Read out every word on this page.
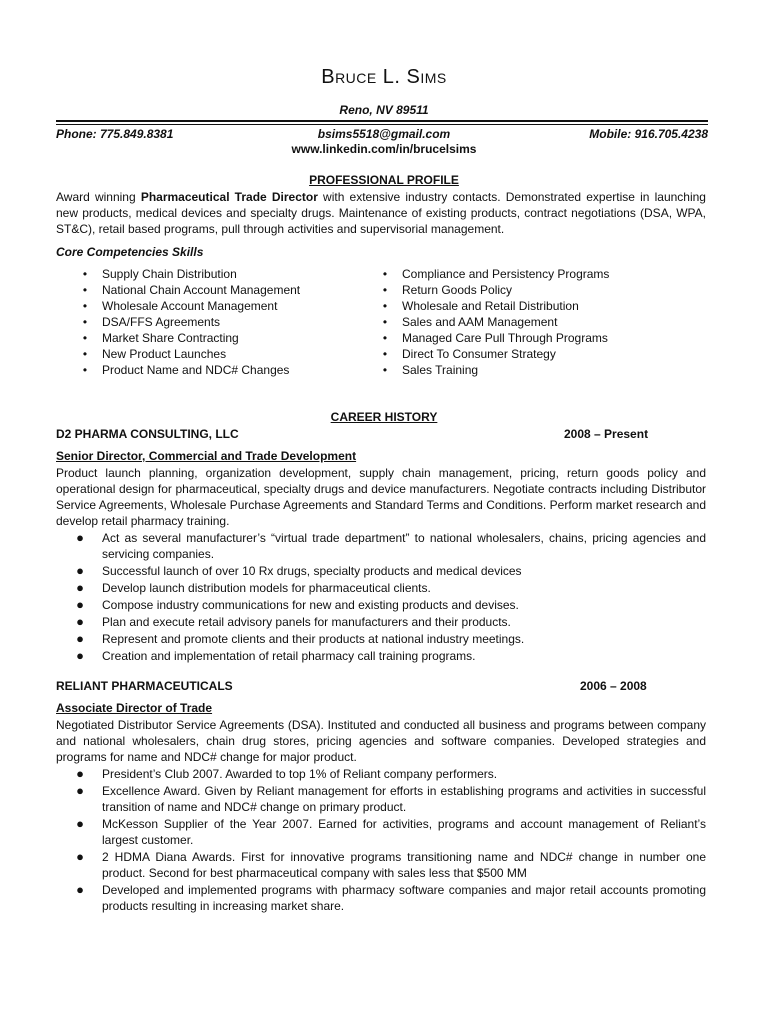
Bruce L. Sims
Reno, NV 89511
bsims5518@gmail.com
Phone: 775.849.8381	Mobile: 916.705.4238
www.linkedin.com/in/brucelsims
PROFESSIONAL PROFILE
Award winning Pharmaceutical Trade Director with extensive industry contacts. Demonstrated expertise in launching new products, medical devices and specialty drugs. Maintenance of existing products, contract negotiations (DSA, WPA, ST&C), retail based programs, pull through activities and supervisorial management.
Core Competencies Skills
• Supply Chain Distribution
• National Chain Account Management
• Wholesale Account Management
• DSA/FFS Agreements
• Market Share Contracting
• New Product Launches
• Product Name and NDC# Changes
• Compliance and Persistency Programs
• Return Goods Policy
• Wholesale and Retail Distribution
• Sales and AAM Management
• Managed Care Pull Through Programs
• Direct To Consumer Strategy
• Sales Training
CAREER HISTORY
D2 PHARMA CONSULTING, LLC	2008 – Present
Senior Director, Commercial and Trade Development
Product launch planning, organization development, supply chain management, pricing, return goods policy and operational design for pharmaceutical, specialty drugs and device manufacturers. Negotiate contracts including Distributor Service Agreements, Wholesale Purchase Agreements and Standard Terms and Conditions. Perform market research and develop retail pharmacy training.
● Act as several manufacturer’s “virtual trade department” to national wholesalers, chains, pricing agencies and servicing companies.
● Successful launch of over 10 Rx drugs, specialty products and medical devices
● Develop launch distribution models for pharmaceutical clients.
● Compose industry communications for new and existing products and devises.
● Plan and execute retail advisory panels for manufacturers and their products.
● Represent and promote clients and their products at national industry meetings.
● Creation and implementation of retail pharmacy call training programs.
RELIANT PHARMACEUTICALS	2006 – 2008
Associate Director of Trade
Negotiated Distributor Service Agreements (DSA). Instituted and conducted all business and programs between company and national wholesalers, chain drug stores, pricing agencies and software companies. Developed strategies and programs for name and NDC# change for major product.
● President’s Club 2007. Awarded to top 1% of Reliant company performers.
● Excellence Award. Given by Reliant management for efforts in establishing programs and activities in successful transition of name and NDC# change on primary product.
● McKesson Supplier of the Year 2007. Earned for activities, programs and account management of Reliant’s largest customer.
● 2 HDMA Diana Awards. First for innovative programs transitioning name and NDC# change in number one product. Second for best pharmaceutical company with sales less that $500 MM
● Developed and implemented programs with pharmacy software companies and major retail accounts promoting products resulting in increasing market share.
